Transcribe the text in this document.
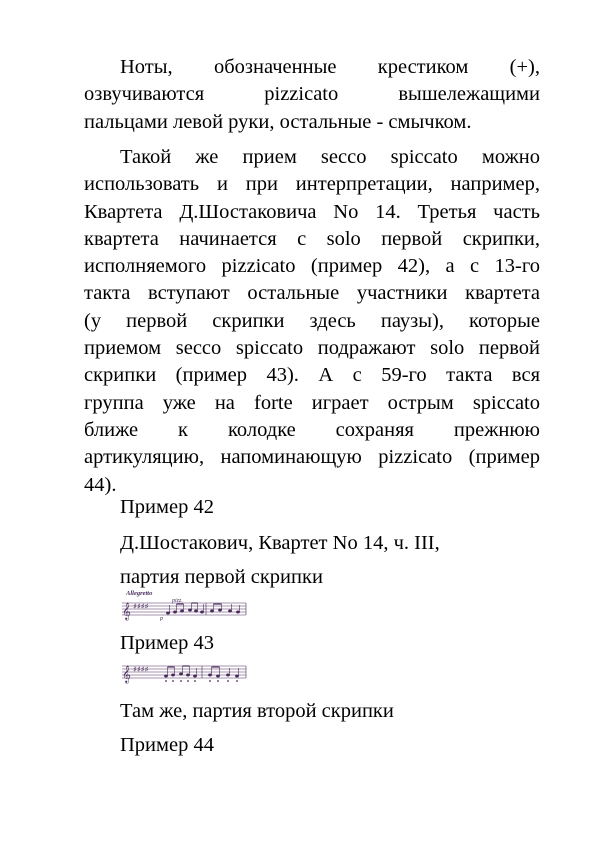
Ноты, обозначенные крестиком (+),
озвучиваются pizzicato вышележащими
пальцами левой руки, остальные - смычком.

Такой же прием secco spiccato можно
использовать и при интерпретации, например,
Квартета Д.Шостаковича No 14. Третья часть
квартета начинается с solo первой скрипки,
исполняемого pizzicato (пример 42), а с 13-го
такта вступают остальные участники квартета
(у первой скрипки здесь паузы), которые
приемом secco spiccato подражают solo первой
скрипки (пример 43). А с 59-го такта вся
группа уже на forte играет острым spiccato
ближе к колодке сохраняя прежнюю
артикуляцию, напоминающую pizzicato (пример
44).

Пример 42
Д.Шостакович, Квартет No 14, ч. III,
партия первой скрипки
Allegretto
pizz.
𝄞 ♯♯♯♯
p
Пример 43
𝄞 ♯♯♯♯
Там же, партия второй скрипки
Пример 44
